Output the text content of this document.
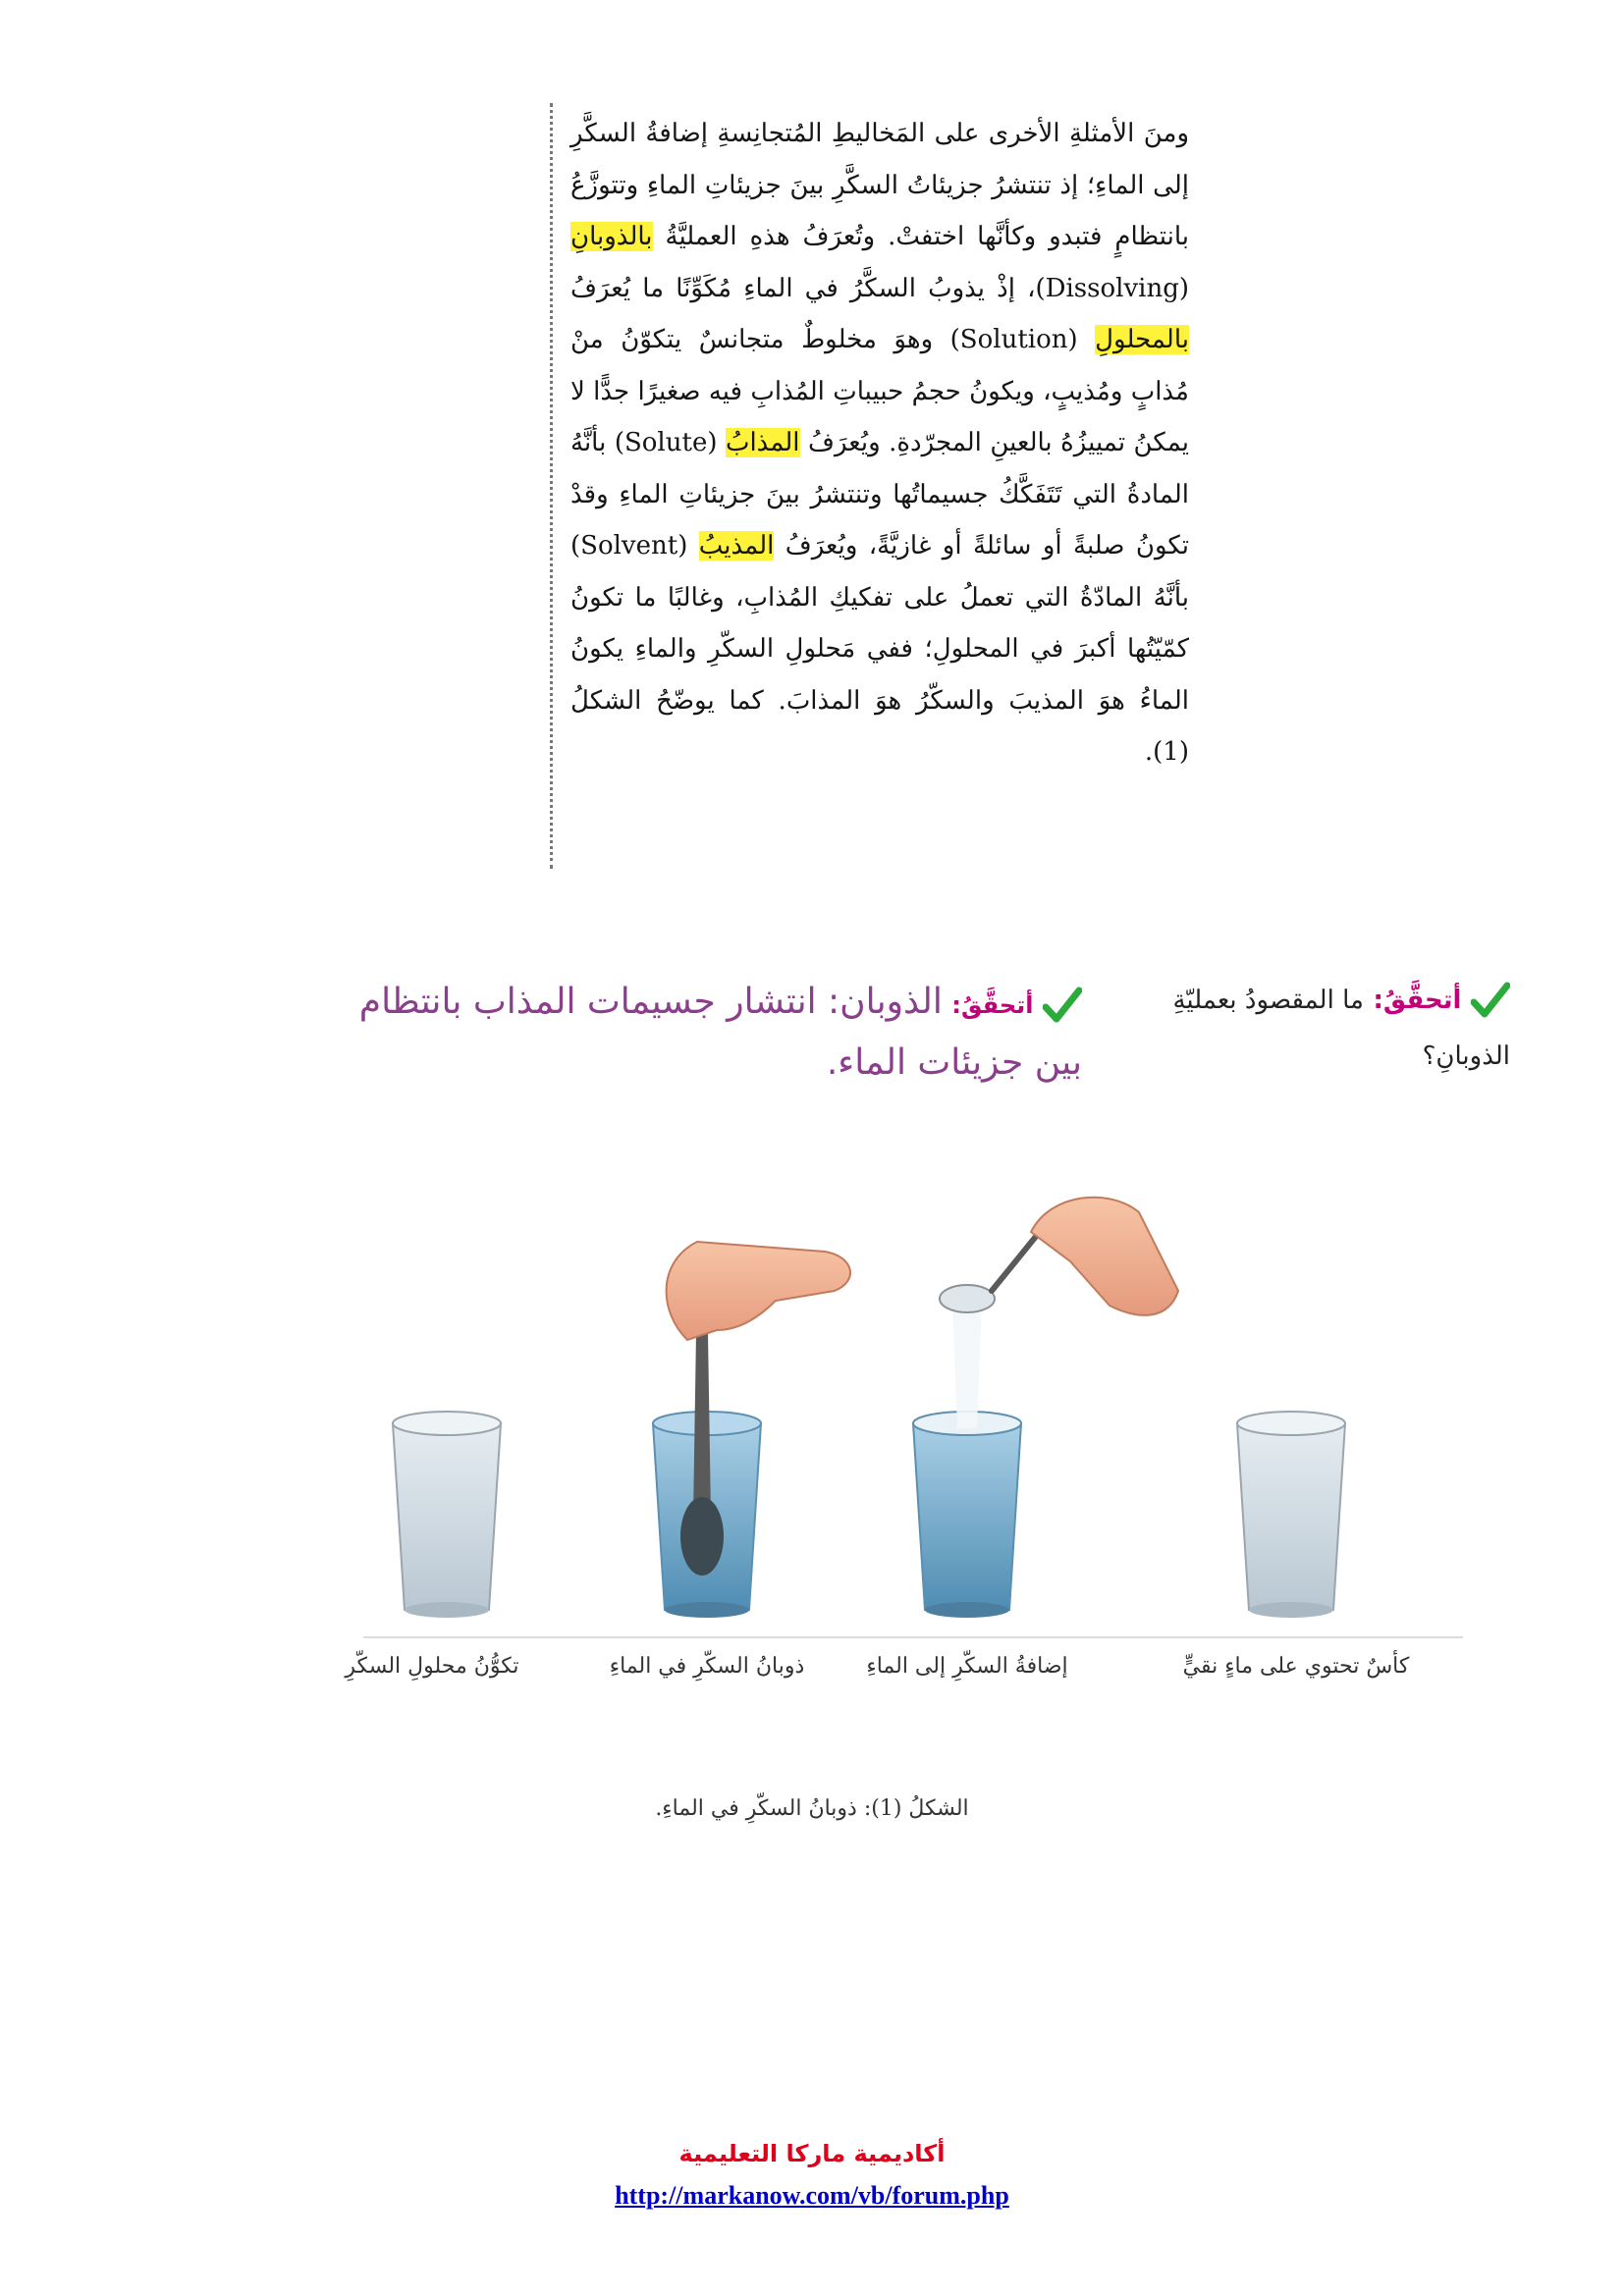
ومنَ الأمثلةِ الأخرى على المَخاليطِ المُتجانِسةِ إضافةُ السكَّرِ إلى الماءِ؛ إذ تنتشرُ جزيئاتُ السكَّرِ بينَ جزيئاتِ الماءِ وتتوزَّعُ بانتظامٍ فتبدو وكأنَّها اختفتْ. وتُعرَفُ هذهِ العمليَّةُ بالذوبانِ (Dissolving)، إذْ يذوبُ السكَّرُ في الماءِ مُكَوِّنًا ما يُعرَفُ بالمحلولِ (Solution) وهوَ مخلوطٌ متجانسٌ يتكوّنُ منْ مُذابٍ ومُذيبٍ، ويكونُ حجمُ حبيباتِ المُذابِ فيه صغيرًا جدًّا لا يمكنُ تمييزُهُ بالعينِ المجرّدةِ. ويُعرَفُ المذابُ (Solute) بأنَّهُ المادةُ التي تَتَفَكَّكُ جسيماتُها وتنتشرُ بينَ جزيئاتِ الماءِ وقدْ تكونُ صلبةً أو سائلةً أو غازيَّةً، ويُعرَفُ المذيبُ (Solvent) بأنَّهُ المادّةُ التي تعملُ على تفكيكِ المُذابِ، وغالبًا ما تكونُ كمّيّتُها أكبرَ في المحلولِ؛ ففي مَحلولِ السكّرِ والماءِ يكونُ الماءُ هوَ المذيبَ والسكّرُ هوَ المذابَ. كما يوضّحُ الشكلُ (1).
أتحقَّقُ: ما المقصودُ بعمليّةِ الذوبانِ؟
أتحقَّقُ: الذوبان: انتشار جسيمات المذاب بانتظام بين جزيئات الماء.
تكوُّنُ محلولِ السكّرِ	ذوبانُ السكّرِ في الماءِ	إضافةُ السكّرِ إلى الماءِ	كأسٌ تحتوي على ماءٍ نقيٍّ
الشكلُ (1): ذوبانُ السكّرِ في الماءِ.
أكاديمية ماركا التعليمية
http://markanow.com/vb/forum.php
